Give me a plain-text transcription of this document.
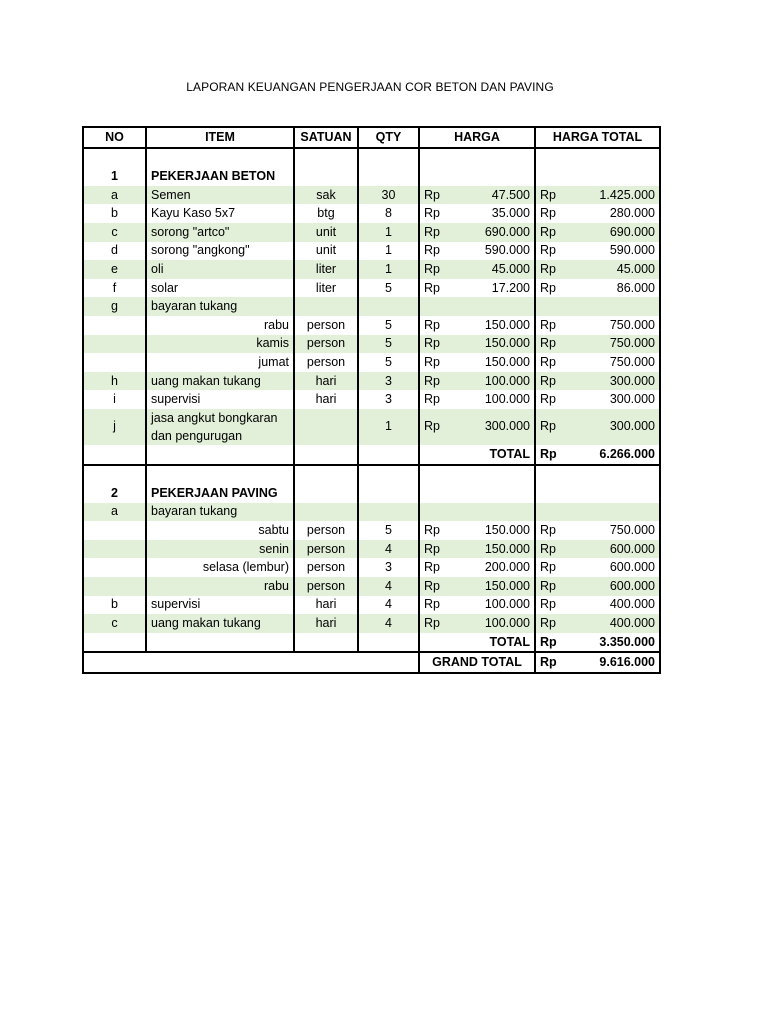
LAPORAN KEUANGAN PENGERJAAN COR BETON DAN PAVING
NO	ITEM	SATUAN	QTY	HARGA		HARGA TOTAL	

1	PEKERJAAN BETON						
a	Semen	sak	30	Rp	47.500	Rp	1.425.000
b	Kayu Kaso 5x7	btg	8	Rp	35.000	Rp	280.000
c	sorong "artco"	unit	1	Rp	690.000	Rp	690.000
d	sorong "angkong"	unit	1	Rp	590.000	Rp	590.000
e	oli	liter	1	Rp	45.000	Rp	45.000
f	solar	liter	5	Rp	17.200	Rp	86.000
g	bayaran tukang						
	rabu	person	5	Rp	150.000	Rp	750.000
	kamis	person	5	Rp	150.000	Rp	750.000
	jumat	person	5	Rp	150.000	Rp	750.000
h	uang makan tukang	hari	3	Rp	100.000	Rp	300.000
i	supervisi	hari	3	Rp	100.000	Rp	300.000
j	jasa angkut bongkaran dan pengurugan		1	Rp	300.000	Rp	300.000
					TOTAL	Rp	6.266.000

2	PEKERJAAN PAVING						
a	bayaran tukang						
	sabtu	person	5	Rp	150.000	Rp	750.000
	senin	person	4	Rp	150.000	Rp	600.000
	selasa (lembur)	person	3	Rp	200.000	Rp	600.000
	rabu	person	4	Rp	150.000	Rp	600.000
b	supervisi	hari	4	Rp	100.000	Rp	400.000
c	uang makan tukang	hari	4	Rp	100.000	Rp	400.000
					TOTAL	Rp	3.350.000
				GRAND TOTAL		Rp	9.616.000
